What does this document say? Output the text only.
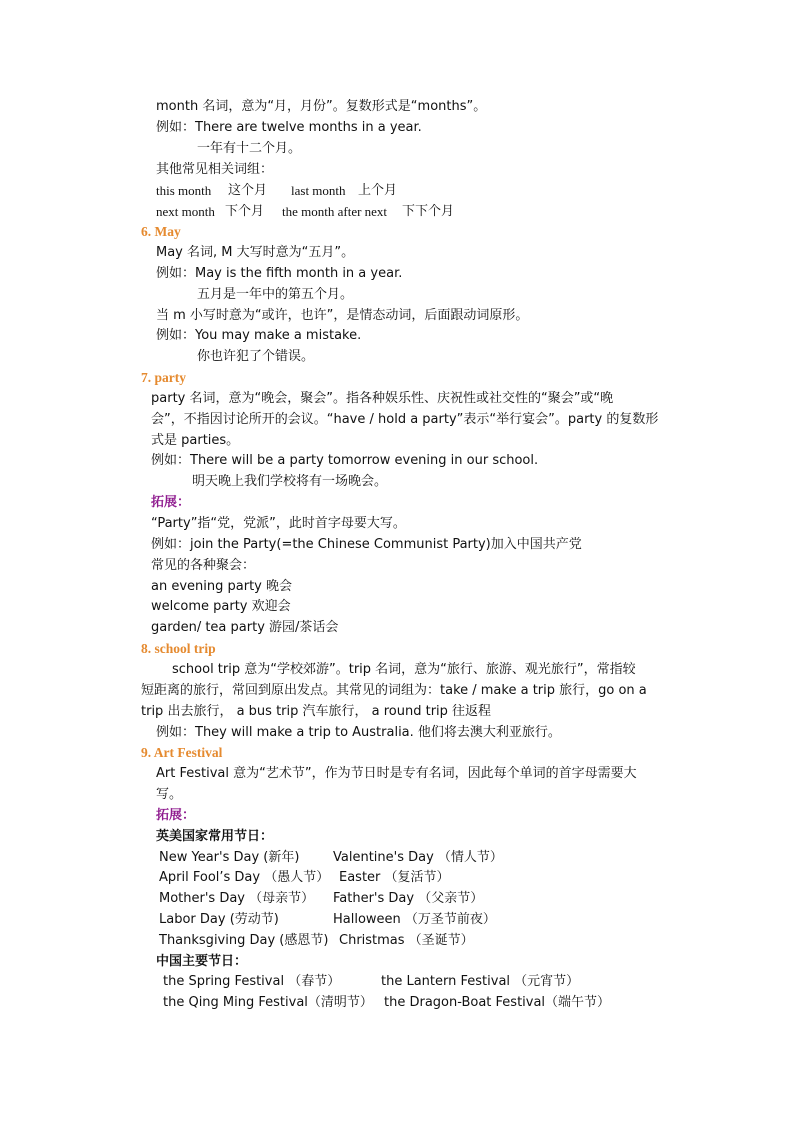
month 名词，意为“月，月份”。复数形式是“months”。
例如：There are twelve months in a year.
一年有十二个月。
其他常见相关词组：
this month 这个月 last month 上个月
next month 下个月 the month after next 下下个月
6. May
May 名词, M 大写时意为“五月”。
例如：May is the fifth month in a year.
五月是一年中的第五个月。
当 m 小写时意为“或许，也许”，是情态动词，后面跟动词原形。
例如：You may make a mistake.
你也许犯了个错误。
7. party
party 名词，意为“晚会，聚会”。指各种娱乐性、庆祝性或社交性的“聚会”或“晚
会”，不指因讨论所开的会议。“have / hold a party”表示“举行宴会”。party 的复数形
式是 parties。
例如：There will be a party tomorrow evening in our school.
明天晚上我们学校将有一场晚会。
拓展：
“Party”指“党，党派”，此时首字母要大写。
例如：join the Party(=the Chinese Communist Party)加入中国共产党
常见的各种聚会：
an evening party 晚会
welcome party 欢迎会
garden/ tea party 游园/茶话会
8. school trip
school trip 意为“学校郊游”。trip 名词，意为“旅行、旅游、观光旅行”，常指较
短距离的旅行，常回到原出发点。其常见的词组为：take / make a trip 旅行，go on a
trip 出去旅行， a bus trip 汽车旅行， a round trip 往返程
例如：They will make a trip to Australia. 他们将去澳大利亚旅行。
9. Art Festival
Art Festival 意为“艺术节”，作为节日时是专有名词，因此每个单词的首字母需要大
写。
拓展：
英美国家常用节日：
New Year's Day (新年)	Valentine's Day （情人节）
April Fool’s Day （愚人节） Easter （复活节）
Mother's Day （母亲节） Father's Day （父亲节）
Labor Day (劳动节)	Halloween （万圣节前夜）
Thanksgiving Day (感恩节) Christmas （圣诞节）
中国主要节日：
the Spring Festival （春节）	the Lantern Festival （元宵节）
the Qing Ming Festival（清明节） the Dragon-Boat Festival（端午节）
